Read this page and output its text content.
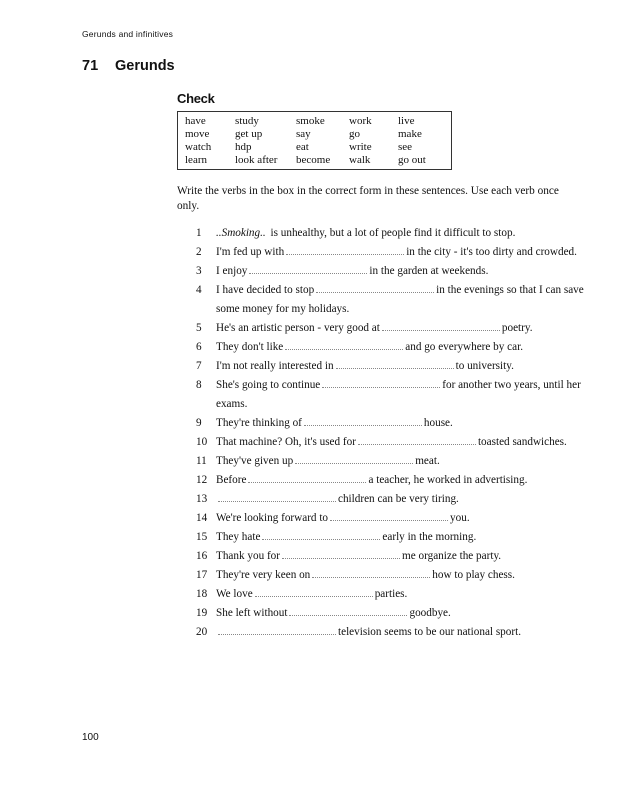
Gerunds and infinitives
71 Gerunds
Check
have	study	smoke	work	live
move	get up	say	go	make
watch	hdp	eat	write	see
learn	look after	become	walk	go out
Write the verbs in the box in the correct form in these sentences. Use each verb once only.
1	..Smoking.. is unhealthy, but a lot of people find it difficult to stop.
2	I'm fed up with	in the city - it's too dirty and crowded.
3	I enjoy	in the garden at weekends.
4	I have decided to stop	in the evenings so that I can save some money for my holidays.
5	He's an artistic person - very good at	poetry.
6	They don't like	and go everywhere by car.
7	I'm not really interested in	to university.
8	She's going to continue	for another two years, until her exams.
9	They're thinking of	house.
10 That machine? Oh, it's used for	toasted sandwiches.
11 They've given up	meat.
12 Before	a teacher, he worked in advertising.
13	children can be very tiring.
14 We're looking forward to	you.
15 They hate	early in the morning.
16 Thank you for	me organize the party.
17 They're very keen on	how to play chess.
18 We love	parties.
19 She left without	goodbye.
20	television seems to be our national sport.
100
